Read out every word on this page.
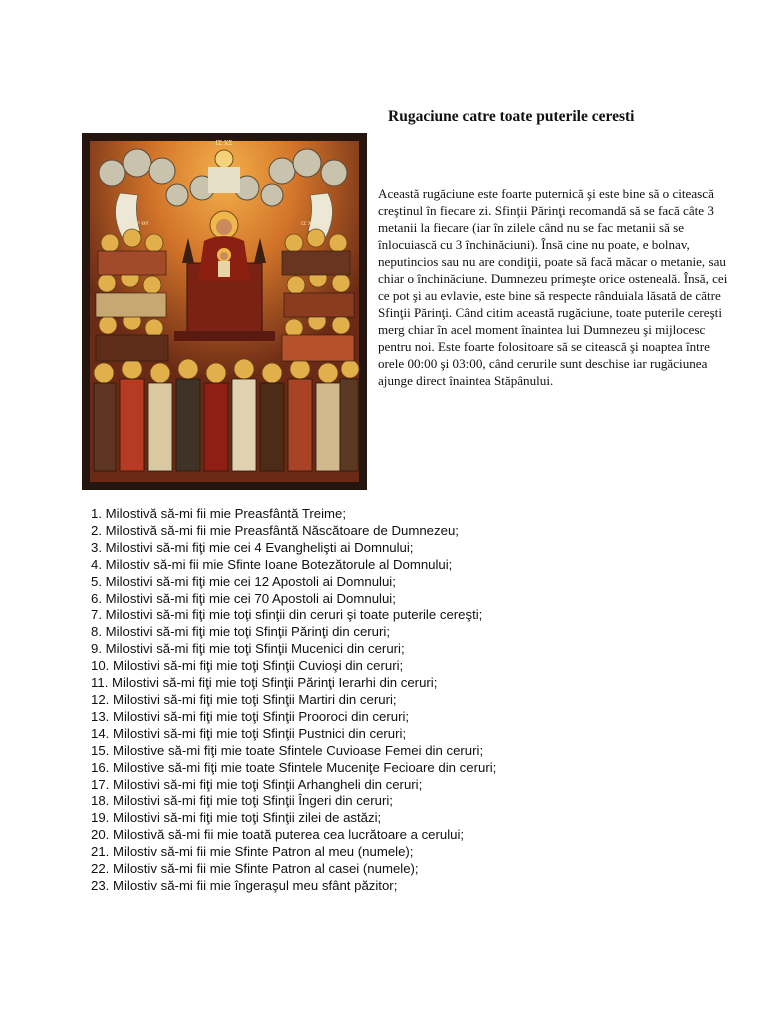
Rugaciune catre toate puterile ceresti
ΙΣ ΧΣ
ΜΡ ΘΥ	ΙΣ ΧΣ

Această rugăciune este foarte puternică şi este bine să o citească creştinul în fiecare zi. Sfinţii Părinţi recomandă să se facă câte 3 metanii la fiecare (iar în zilele când nu se fac metanii să se înlocuiască cu 3 închinăciuni). Însă cine nu poate, e bolnav, neputincios sau nu are condiţii, poate să facă măcar o metanie, sau chiar o închinăciune. Dumnezeu primeşte orice osteneală. Însă, cei ce pot şi au evlavie, este bine să respecte rânduiala lăsată de către Sfinţii Părinţi. Când citim această rugăciune, toate puterile cereşti merg chiar în acel moment înaintea lui Dumnezeu şi mijlocesc pentru noi. Este foarte folositoare să se citească şi noaptea între orele 00:00 şi 03:00, când cerurile sunt deschise iar rugăciunea ajunge direct înaintea Stăpânului.

1. Milostivă să-mi fii mie Preasfântă Treime;
2. Milostivă să-mi fii mie Preasfântă Născătoare de Dumnezeu;
3. Milostivi să-mi fiţi mie cei 4 Evanghelişti ai Domnului;
4. Milostiv să-mi fii mie Sfinte Ioane Botezătorule al Domnului;
5. Milostivi să-mi fiţi mie cei 12 Apostoli ai Domnului;
6. Milostivi să-mi fiţi mie cei 70 Apostoli ai Domnului;
7. Milostivi să-mi fiţi mie toţi sfinţii din ceruri şi toate puterile cereşti;
8. Milostivi să-mi fiţi mie toţi Sfinţii Părinţi din ceruri;
9. Milostivi să-mi fiţi mie toţi Sfinţii Mucenici din ceruri;
10. Milostivi să-mi fiţi mie toţi Sfinţii Cuvioşi din ceruri;
11. Milostivi să-mi fiţi mie toţi Sfinţii Părinţi Ierarhi din ceruri;
12. Milostivi să-mi fiţi mie toţi Sfinţii Martiri din ceruri;
13. Milostivi să-mi fiţi mie toţi Sfinţii Prooroci din ceruri;
14. Milostivi să-mi fiţi mie toţi Sfinţii Pustnici din ceruri;
15. Milostive să-mi fiţi mie toate Sfintele Cuvioase Femei din ceruri;
16. Milostive să-mi fiţi mie toate Sfintele Muceniţe Fecioare din ceruri;
17. Milostivi să-mi fiţi mie toţi Sfinţii Arhangheli din ceruri;
18. Milostivi să-mi fiţi mie toţi Sfinţii Îngeri din ceruri;
19. Milostivi să-mi fiţi mie toţi Sfinţii zilei de astăzi;
20. Milostivă să-mi fii mie toată puterea cea lucrătoare a cerului;
21. Milostiv să-mi fii mie Sfinte Patron al meu (numele);
22. Milostiv să-mi fii mie Sfinte Patron al casei (numele);
23. Milostiv să-mi fii mie îngeraşul meu sfânt păzitor;
